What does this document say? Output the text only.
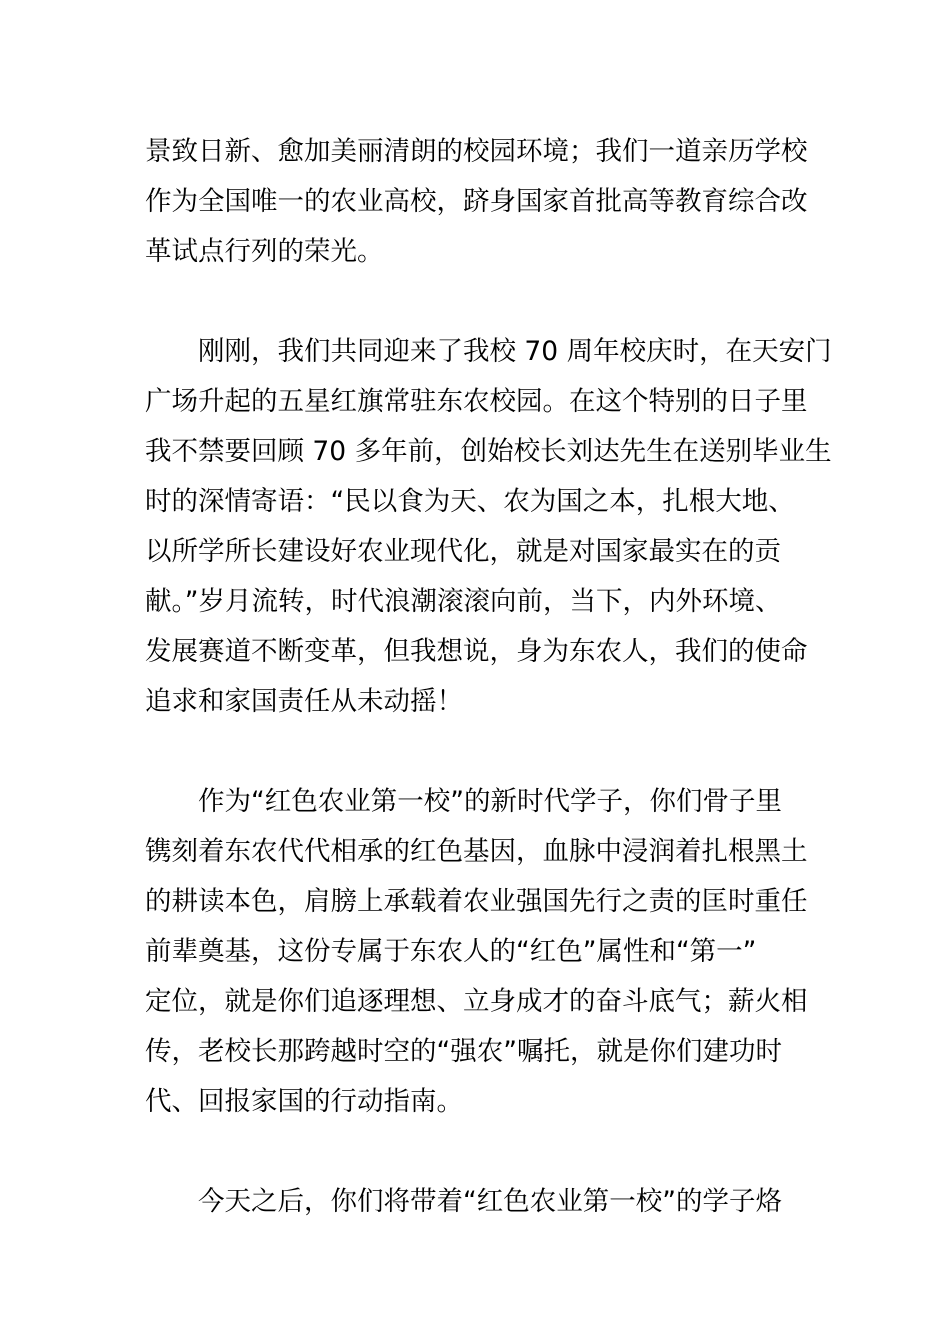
景致日新、愈加美丽清朗的校园环境；我们一道亲历学校
作为全国唯一的农业高校，跻身国家首批高等教育综合改
革试点行列的荣光。
刚刚，我们共同迎来了我校 70 周年校庆时，在天安门
广场升起的五星红旗常驻东农校园。在这个特别的日子里
我不禁要回顾 70 多年前，创始校长刘达先生在送别毕业生
时的深情寄语：“民以食为天、农为国之本，扎根大地、
以所学所长建设好农业现代化，就是对国家最实在的贡
献。”岁月流转，时代浪潮滚滚向前，当下，内外环境、
发展赛道不断变革，但我想说，身为东农人，我们的使命
追求和家国责任从未动摇！
作为“红色农业第一校”的新时代学子，你们骨子里
镌刻着东农代代相承的红色基因，血脉中浸润着扎根黑土
的耕读本色，肩膀上承载着农业强国先行之责的匡时重任
前辈奠基，这份专属于东农人的“红色”属性和“第一”
定位，就是你们追逐理想、立身成才的奋斗底气；薪火相
传，老校长那跨越时空的“强农”嘱托，就是你们建功时
代、回报家国的行动指南。
今天之后，你们将带着“红色农业第一校”的学子烙
